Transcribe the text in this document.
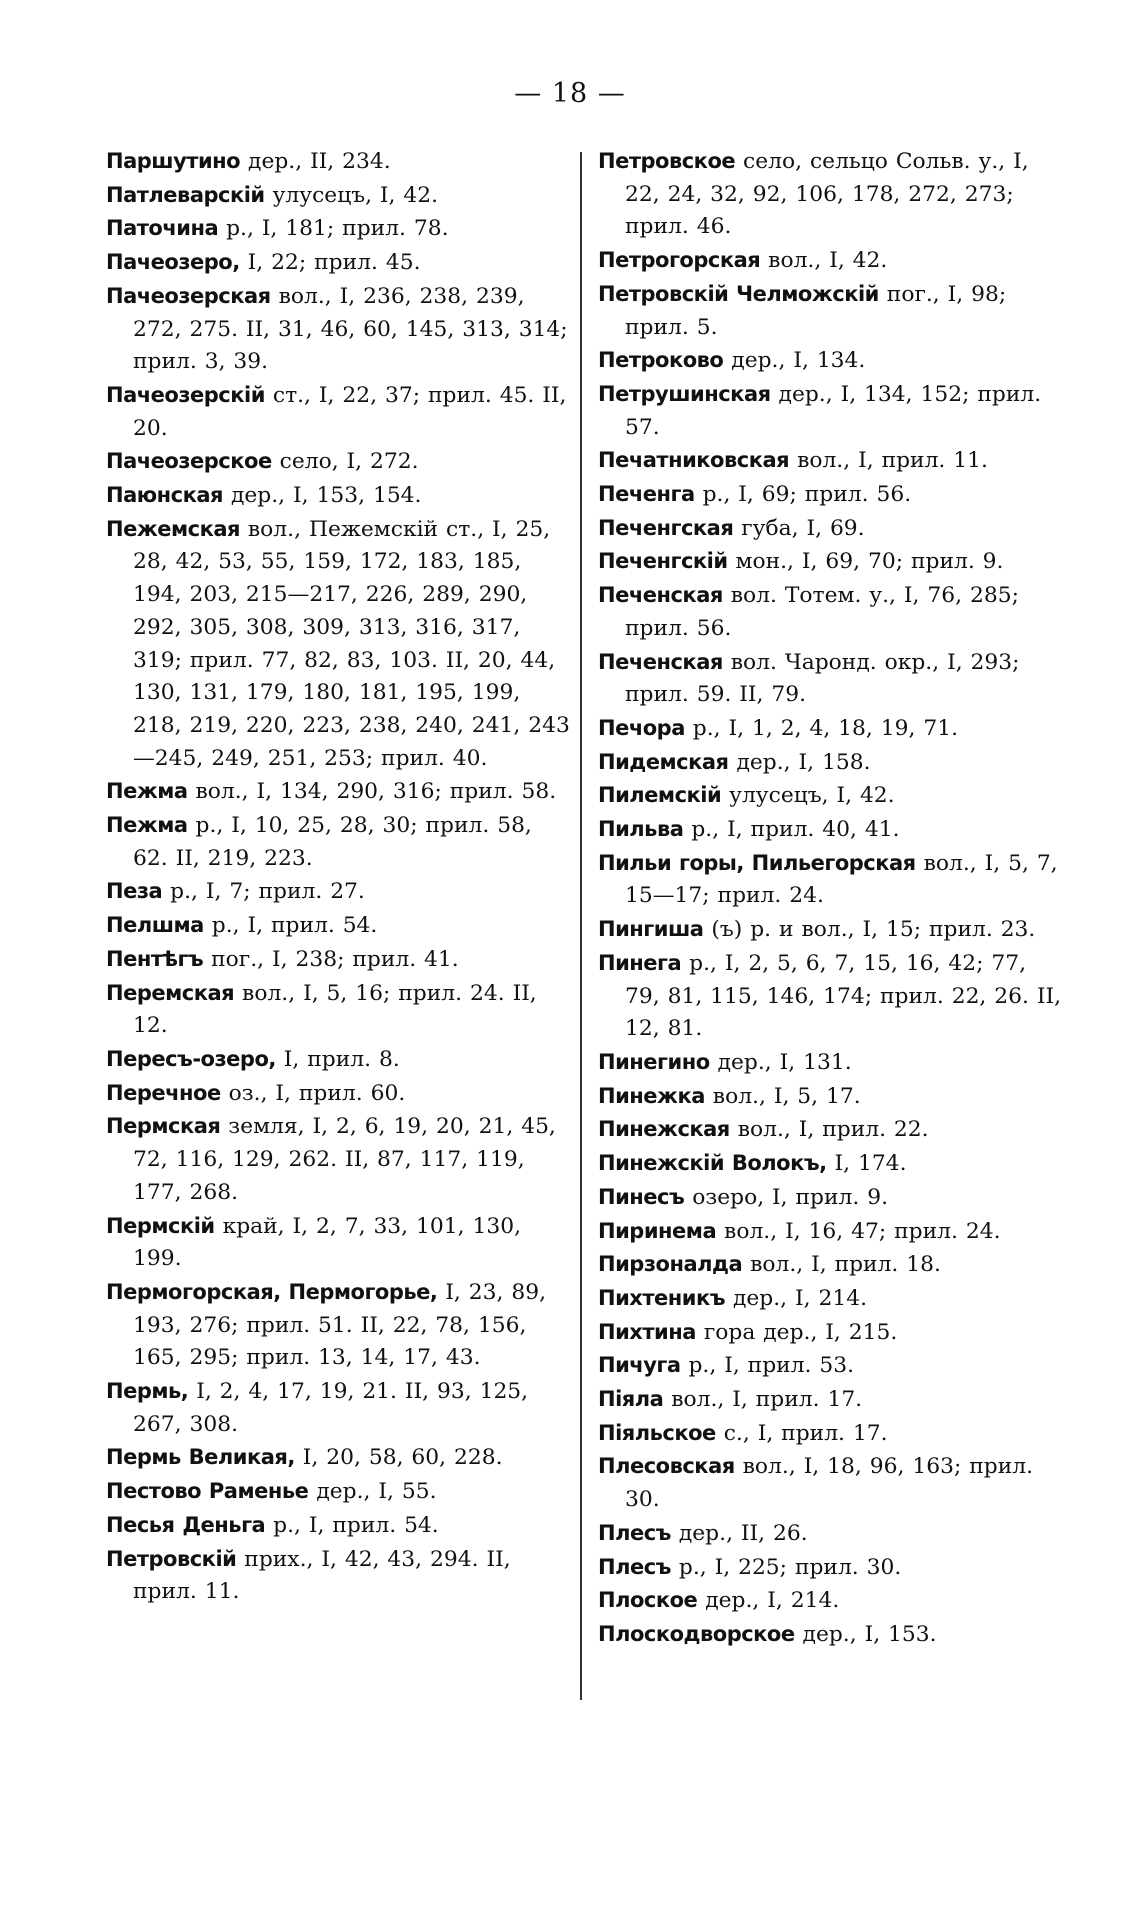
— 18 —

Паршутино дер., II, 234.

Патлеварскій улусецъ, I, 42.

Паточина р., I, 181; прил. 78.

Пачеозеро, I, 22; прил. 45.

Пачеозерская вол., I, 236, 238, 239, 272, 275. II, 31, 46, 60, 145, 313, 314; прил. 3, 39.

Пачеозерскій ст., I, 22, 37; прил. 45. II, 20.

Пачеозерское село, I, 272.

Паюнская дер., I, 153, 154.

Пежемская вол., Пежемскій ст., I, 25, 28, 42, 53, 55, 159, 172, 183, 185, 194, 203, 215—217, 226, 289, 290, 292, 305, 308, 309, 313, 316, 317, 319; прил. 77, 82, 83, 103. II, 20, 44, 130, 131, 179, 180, 181, 195, 199, 218, 219, 220, 223, 238, 240, 241, 243—245, 249, 251, 253; прил. 40.

Пежма вол., I, 134, 290, 316; прил. 58.

Пежма р., I, 10, 25, 28, 30; прил. 58, 62. II, 219, 223.

Пеза р., I, 7; прил. 27.

Пелшма р., I, прил. 54.

Пентѣгъ пог., I, 238; прил. 41.

Перемская вол., I, 5, 16; прил. 24. II, 12.

Пересъ-озеро, I, прил. 8.

Перечное оз., I, прил. 60.

Пермская земля, I, 2, 6, 19, 20, 21, 45, 72, 116, 129, 262. II, 87, 117, 119, 177, 268.

Пермскій край, I, 2, 7, 33, 101, 130, 199.

Пермогорская, Пермогорье, I, 23, 89, 193, 276; прил. 51. II, 22, 78, 156, 165, 295; прил. 13, 14, 17, 43.

Пермь, I, 2, 4, 17, 19, 21. II, 93, 125, 267, 308.

Пермь Великая, I, 20, 58, 60, 228.

Пестово Раменье дер., I, 55.

Песья Деньга р., I, прил. 54.

Петровскій прих., I, 42, 43, 294. II, прил. 11.

Петровское село, сельцо Сольв. у., I, 22, 24, 32, 92, 106, 178, 272, 273; прил. 46.

Петрогорская вол., I, 42.

Петровскій Челможскій пог., I, 98; прил. 5.

Петроково дер., I, 134.

Петрушинская дер., I, 134, 152; прил. 57.

Печатниковская вол., I, прил. 11.

Печенга р., I, 69; прил. 56.

Печенгская губа, I, 69.

Печенгскій мон., I, 69, 70; прил. 9.

Печенская вол. Тотем. у., I, 76, 285; прил. 56.

Печенская вол. Чаронд. окр., I, 293; прил. 59. II, 79.

Печора р., I, 1, 2, 4, 18, 19, 71.

Пидемская дер., I, 158.

Пилемскій улусецъ, I, 42.

Пильва р., I, прил. 40, 41.

Пильи горы, Пильегорская вол., I, 5, 7, 15—17; прил. 24.

Пингиша (ъ) р. и вол., I, 15; прил. 23.

Пинега р., I, 2, 5, 6, 7, 15, 16, 42; 77, 79, 81, 115, 146, 174; прил. 22, 26. II, 12, 81.

Пинегино дер., I, 131.

Пинежка вол., I, 5, 17.

Пинежская вол., I, прил. 22.

Пинежскій Волокъ, I, 174.

Пинесъ озеро, I, прил. 9.

Пиринема вол., I, 16, 47; прил. 24.

Пирзоналда вол., I, прил. 18.

Пихтеникъ дер., I, 214.

Пихтина гора дер., I, 215.

Пичуга р., I, прил. 53.

Піяла вол., I, прил. 17.

Піяльское с., I, прил. 17.

Плесовская вол., I, 18, 96, 163; прил. 30.

Плесъ дер., II, 26.

Плесъ р., I, 225; прил. 30.

Плоское дер., I, 214.

Плоскодворское дер., I, 153.
